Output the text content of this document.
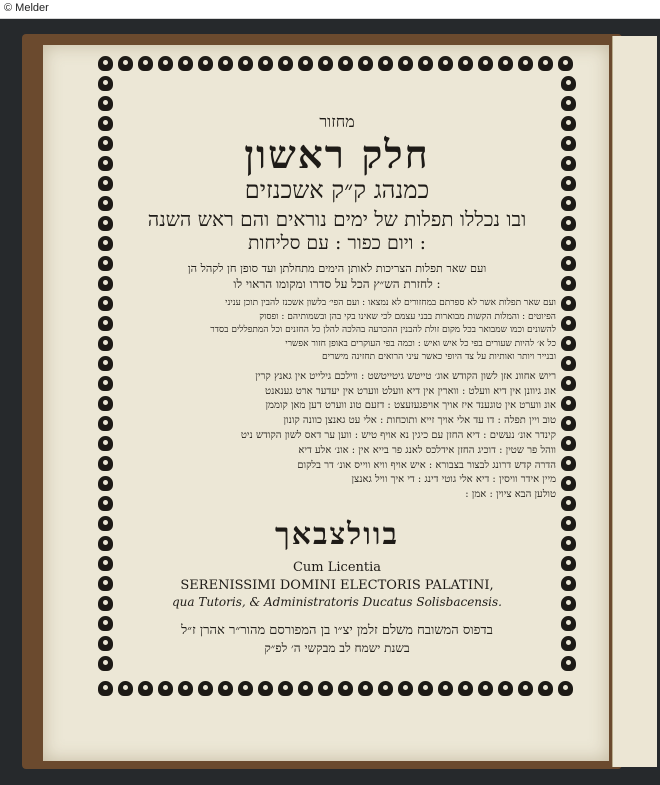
© Melder
מחזור
חלק ראשון
כמנהג ק״ק אשכנזים
ובו נכללו תפלות של ימים נוראים והם ראש השנה
ויום כפור : עם סליחות :
ועם שאר תפלות הצריכות לאותן הימים מתחלתן ועד סופן חן לקהל הן
לחזרת הש״ץ הכל על סדרו ומקומו הראוי לו :
ועם שאר תפלות אשר לא ספרתם במחזורים לא נמצאו : ועם הפי׳ בלשון אשכנז להבין תוכן עניני
הפיוטים : והמלות הקשות מבוארות בבני עצמם לכי שאינו בקי בהן ובשמותיהם : ופסוק
להשונים וכמו שמבואר בכל מקום זולת להבנין ההכרעה בהלכה להלן כל החזנים וכל המתפללים בסדר
כל א׳ להיות שעורים בפי כל איש ואיש : וכמה בפי העוקרים באופן חזור אפשרי
ובנייר ויותר ואותיות על צד היופי כאשר עיני הרואים תחזינה מישרים
ריוש אחוונ אזן לשון הקודש אוג׳ טייטש גיטייטשט : ווילכם גילייט אין גאנץ קרין
אונ גיוונן אין דיא וועלט : ווארין אין דיא וועלט ווערט אין יעדער ארט גענאנט
אונ ווערט אין טוגענד איז אויך אויפגעזעצט : דזעם טונ ווערט דען מאן קוממן
טוב ויין תפלה : דו עד אלי אויך זייא ותוכחות : אלי עט גאנצן כוונה קונון
קינדר אונ׳ נעשים : דיא החזן עם כיגין נא אויף טיש : ווען ער דאס לשון הקודש ניט
ווהל פר שטין : דוכיג החזן אידלכס לאנג פר בייא אין : אונ׳ אלע דיא
הדרה קדש דרונג לבצור בצבורא : איש אויף וויא ווייס אונ׳ דר בלקום
מיין אידר וויסין : דיא אלי גוטי דינג : די איך וויל גאנצן
טולען הבא ציוין : אמן :
בוולצבאך
Cum Licentia
SERENISSIMI DOMINI ELECTORIS PALATINI,
qua Tutoris, & Administratoris Ducatus Solisbacensis.
בדפוס המשובח משלם זלמן יצ״ו בן המפורסם מהור״ר אהרן ז״ל
בשנת ישמח לב מבקשי ה׳ לפ״ק
